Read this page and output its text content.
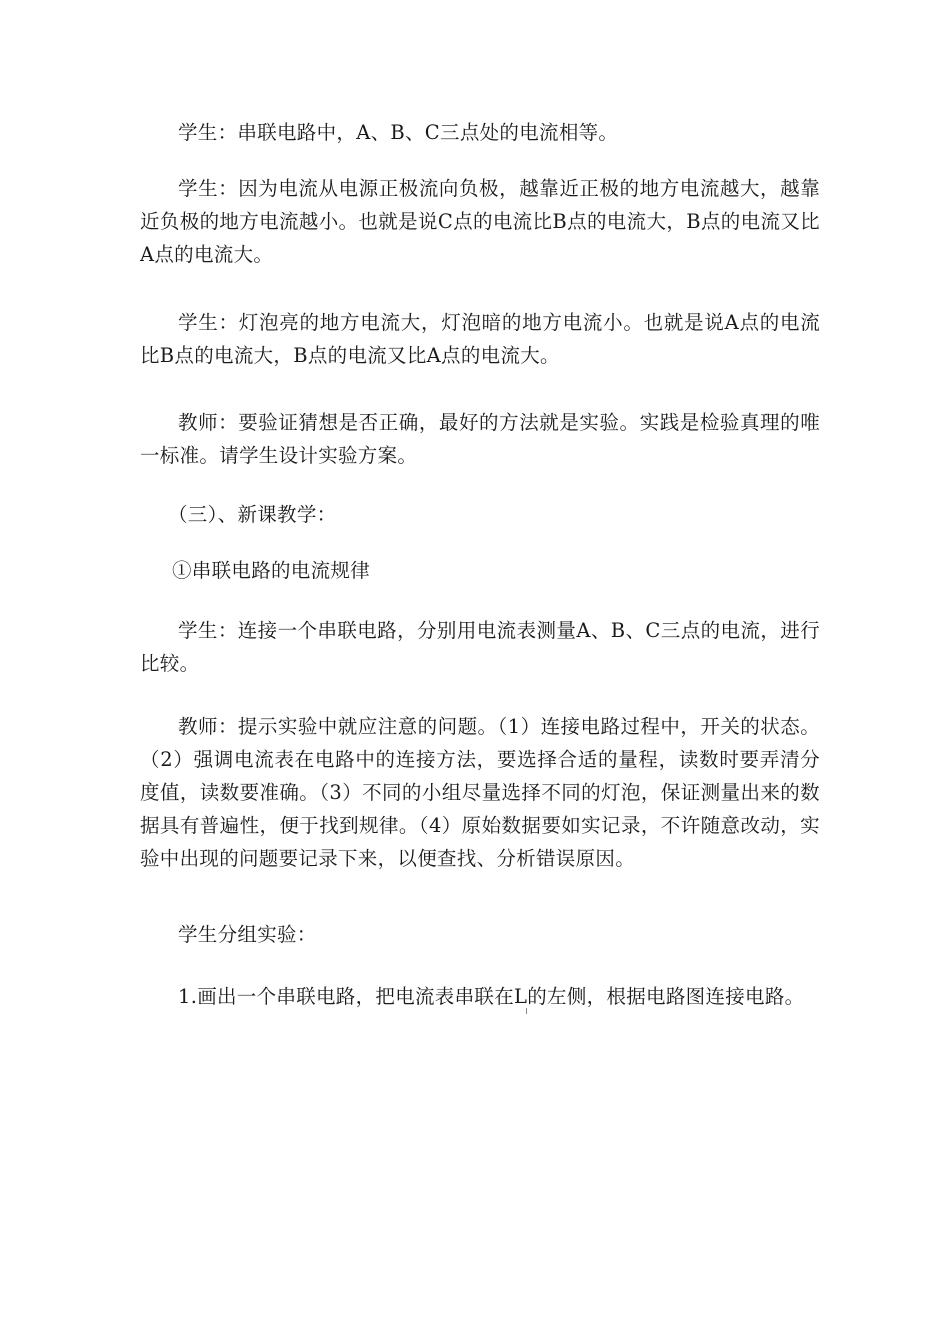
学生：串联电路中，A、B、C三点处的电流相等。

学生：因为电流从电源正极流向负极，越靠近正极的地方电流越大，越靠近负极的地方电流越小。也就是说C点的电流比B点的电流大，B点的电流又比A点的电流大。

学生：灯泡亮的地方电流大，灯泡暗的地方电流小。也就是说A点的电流比B点的电流大，B点的电流又比A点的电流大。

教师：要验证猜想是否正确，最好的方法就是实验。实践是检验真理的唯一标准。请学生设计实验方案。

（三）、新课教学：

①串联电路的电流规律

学生：连接一个串联电路，分别用电流表测量A、B、C三点的电流，进行比较。

教师：提示实验中就应注意的问题。（1）连接电路过程中，开关的状态。（2）强调电流表在电路中的连接方法，要选择合适的量程，读数时要弄清分度值，读数要准确。（3）不同的小组尽量选择不同的灯泡，保证测量出来的数据具有普遍性，便于找到规律。（4）原始数据要如实记录，不许随意改动，实验中出现的问题要记录下来，以便查找、分析错误原因。

学生分组实验：

1.画出一个串联电路，把电流表串联在L的左侧，根据电路图连接电路。
